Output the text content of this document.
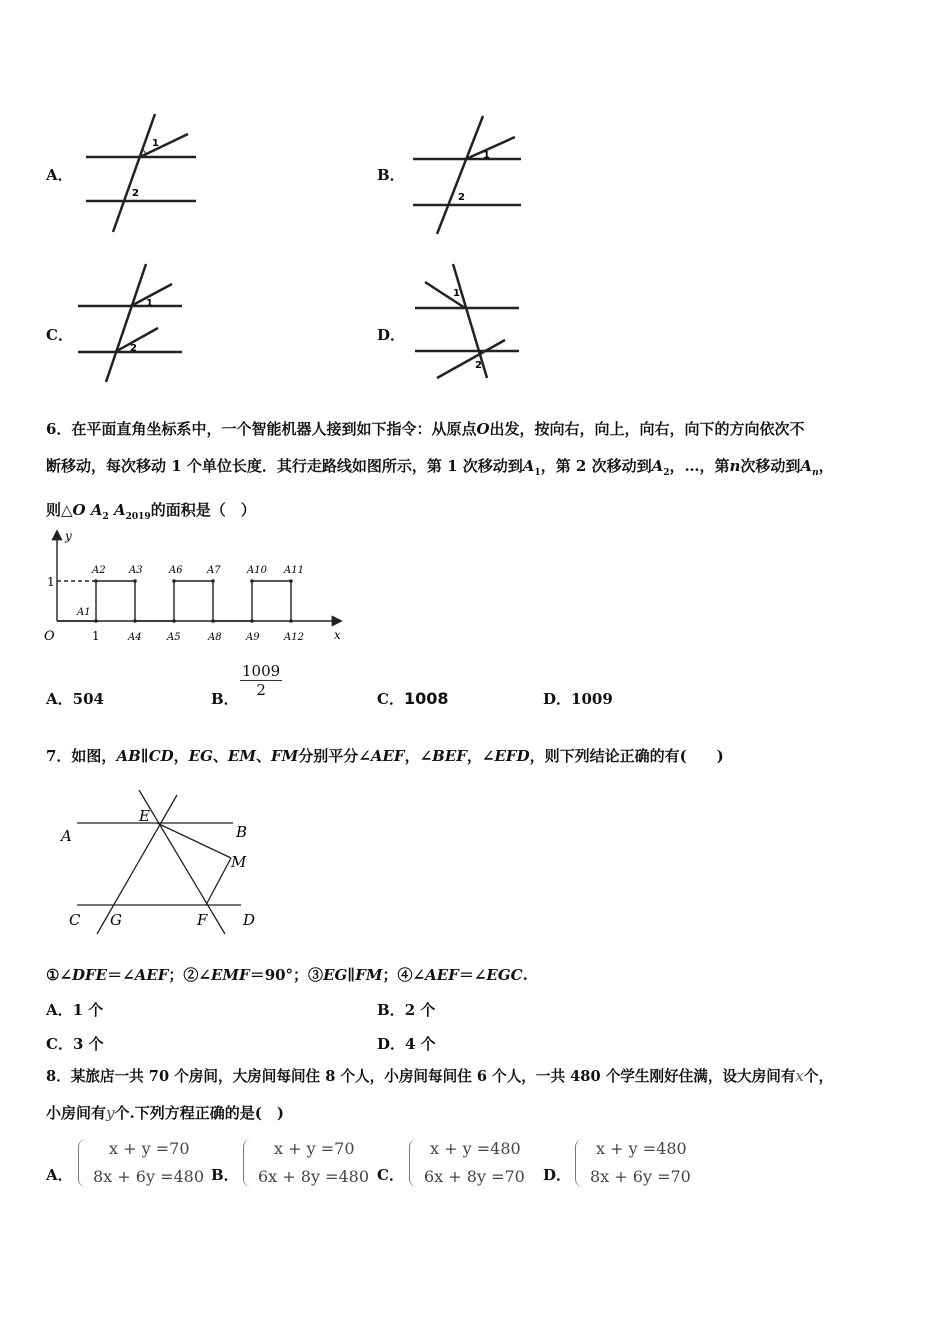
A．
1
2
B．
1
2
C．
1
2
D．
1
2
6．在平面直角坐标系中，一个智能机器人接到如下指令：从原点O出发，按向右，向上，向右，向下的方向依次不
断移动，每次移动 1 个单位长度．其行走路线如图所示，第 1 次移动到$A_1$，第 2 次移动到$A_2$，…，第n次移动到$A_n$，
则△O $A_2$ $A_{2019}$的面积是（　）
y
x
O	1
1
A1
A2 A3
A4	A5
A6 A7
A8 A9
A10 A11
A12
A．504	B． $\frac{1009}{2}$	C．1008	D．1009
7．如图，AB∥CD，EG、EM、FM分别平分∠AEF，∠BEF，∠EFD，则下列结论正确的有(　　)
A	B
C	D
E
F
G
M
①∠DFE＝∠AEF；②∠EMF＝90°；③EG∥FM；④∠AEF＝∠EGC.
A．1 个	B．2 个
C．3 个	D．4 个
8．某旅店一共 70 个房间，大房间每间住 8 个人，小房间每间住 6 个人，一共 480 个学生刚好住满，设大房间有x个，
小房间有y个.下列方程正确的是(　)
A．
x + y =70
8x + 6y =480 B．
x + y =70
6x + 8y =480 C．
x + y =480
6x + 8y =70 D．
x + y =480
8x + 6y =70
